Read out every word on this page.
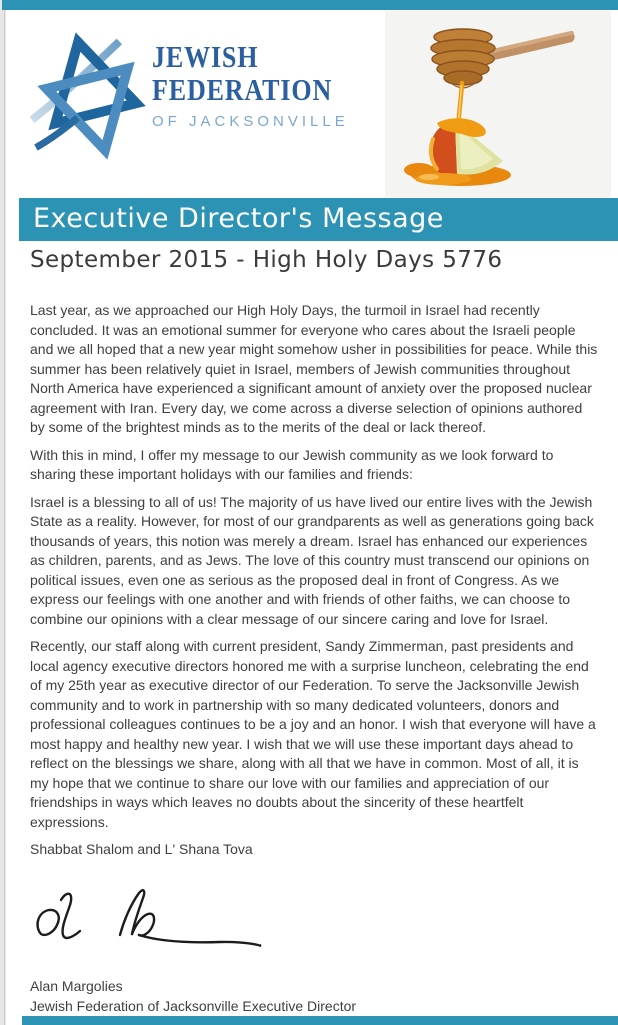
JEWISH
FEDERATION
OF JACKSONVILLE
Executive Director's Message
September 2015 - High Holy Days 5776

Last year, as we approached our High Holy Days, the turmoil in Israel had recently concluded. It was an emotional summer for everyone who cares about the Israeli people and we all hoped that a new year might somehow usher in possibilities for peace. While this summer has been relatively quiet in Israel, members of Jewish communities throughout North America have experienced a significant amount of anxiety over the proposed nuclear agreement with Iran. Every day, we come across a diverse selection of opinions authored by some of the brightest minds as to the merits of the deal or lack thereof.

With this in mind, I offer my message to our Jewish community as we look forward to sharing these important holidays with our families and friends:

Israel is a blessing to all of us! The majority of us have lived our entire lives with the Jewish State as a reality. However, for most of our grandparents as well as generations going back thousands of years, this notion was merely a dream. Israel has enhanced our experiences as children, parents, and as Jews. The love of this country must transcend our opinions on political issues, even one as serious as the proposed deal in front of Congress. As we express our feelings with one another and with friends of other faiths, we can choose to combine our opinions with a clear message of our sincere caring and love for Israel.

Recently, our staff along with current president, Sandy Zimmerman, past presidents and local agency executive directors honored me with a surprise luncheon, celebrating the end of my 25th year as executive director of our Federation. To serve the Jacksonville Jewish community and to work in partnership with so many dedicated volunteers, donors and professional colleagues continues to be a joy and an honor. I wish that everyone will have a most happy and healthy new year. I wish that we will use these important days ahead to reflect on the blessings we share, along with all that we have in common. Most of all, it is my hope that we continue to share our love with our families and appreciation of our friendships in ways which leaves no doubts about the sincerity of these heartfelt expressions.

Shabbat Shalom and L' Shana Tova

Alan Margolies
Jewish Federation of Jacksonville Executive Director
